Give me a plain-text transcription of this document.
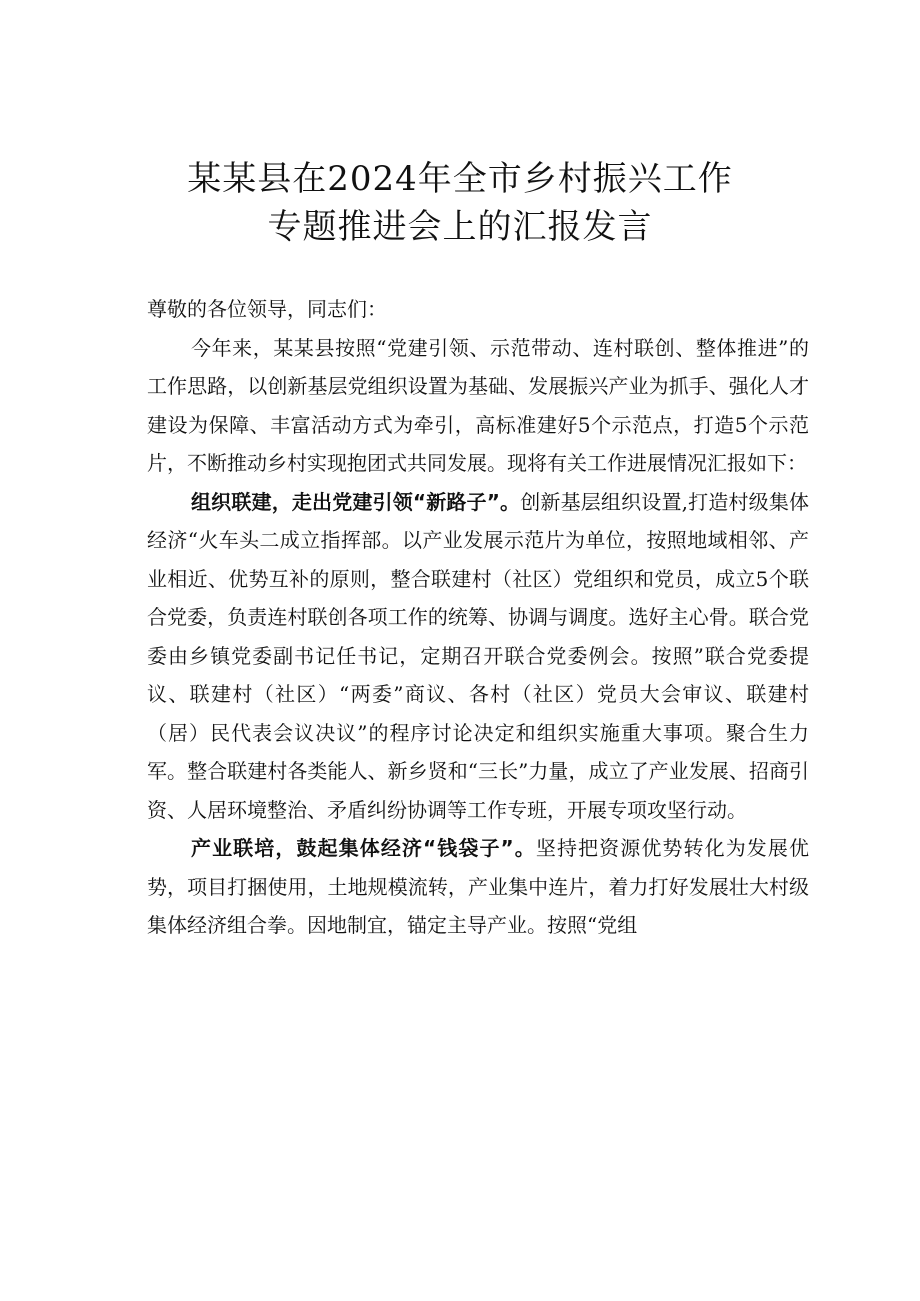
某某县在2024年全市乡村振兴工作
专题推进会上的汇报发言

尊敬的各位领导，同志们：

今年来，某某县按照“党建引领、示范带动、连村联创、整体推进”的工作思路，以创新基层党组织设置为基础、发展振兴产业为抓手、强化人才建设为保障、丰富活动方式为牵引，高标准建好5个示范点，打造5个示范片，不断推动乡村实现抱团式共同发展。现将有关工作进展情况汇报如下：

组织联建，走出党建引领“新路子”。创新基层组织设置,打造村级集体经济“火车头二成立指挥部。以产业发展示范片为单位，按照地域相邻、产业相近、优势互补的原则，整合联建村（社区）党组织和党员，成立5个联合党委，负责连村联创各项工作的统筹、协调与调度。选好主心骨。联合党委由乡镇党委副书记任书记，定期召开联合党委例会。按照”联合党委提议、联建村（社区）“两委”商议、各村（社区）党员大会审议、联建村（居）民代表会议决议”的程序讨论决定和组织实施重大事项。聚合生力军。整合联建村各类能人、新乡贤和“三长”力量，成立了产业发展、招商引资、人居环境整治、矛盾纠纷协调等工作专班，开展专项攻坚行动。

产业联培，鼓起集体经济“钱袋子”。坚持把资源优势转化为发展优势，项目打捆使用，土地规模流转，产业集中连片，着力打好发展壮大村级集体经济组合拳。因地制宜，锚定主导产业。按照“党组
